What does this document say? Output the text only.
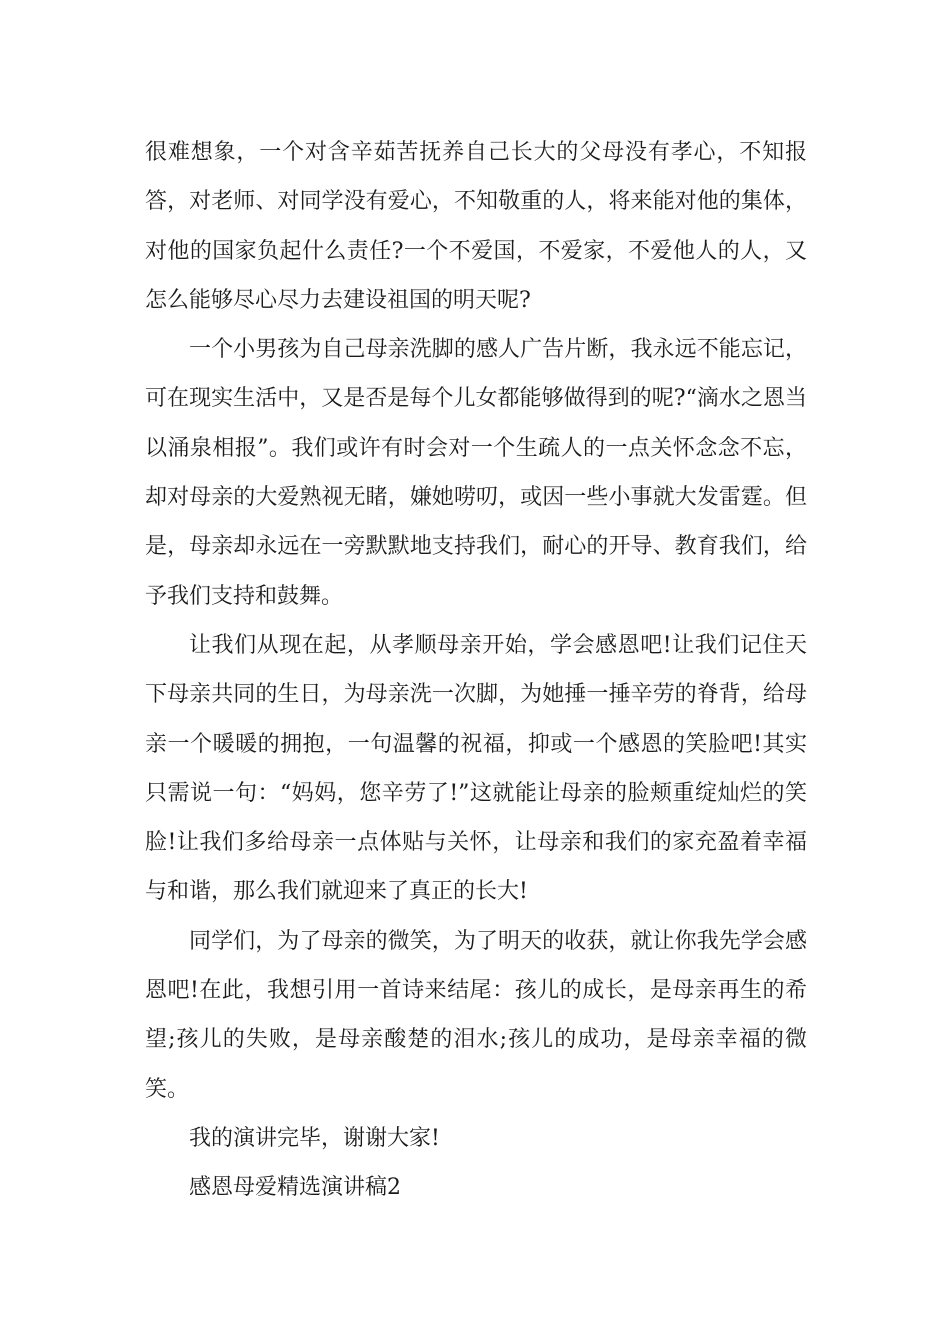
很难想象，一个对含辛茹苦抚养自己长大的父母没有孝心，不知报答，对老师、对同学没有爱心，不知敬重的人，将来能对他的集体，对他的国家负起什么责任?一个不爱国，不爱家，不爱他人的人，又怎么能够尽心尽力去建设祖国的明天呢?

一个小男孩为自己母亲洗脚的感人广告片断，我永远不能忘记，可在现实生活中，又是否是每个儿女都能够做得到的呢?“滴水之恩当以涌泉相报”。我们或许有时会对一个生疏人的一点关怀念念不忘，却对母亲的大爱熟视无睹，嫌她唠叨，或因一些小事就大发雷霆。但是，母亲却永远在一旁默默地支持我们，耐心的开导、教育我们，给予我们支持和鼓舞。

让我们从现在起，从孝顺母亲开始，学会感恩吧!让我们记住天下母亲共同的生日，为母亲洗一次脚，为她捶一捶辛劳的脊背，给母亲一个暖暖的拥抱，一句温馨的祝福，抑或一个感恩的笑脸吧!其实只需说一句：“妈妈，您辛劳了!”这就能让母亲的脸颊重绽灿烂的笑脸!让我们多给母亲一点体贴与关怀，让母亲和我们的家充盈着幸福与和谐，那么我们就迎来了真正的长大!

同学们，为了母亲的微笑，为了明天的收获，就让你我先学会感恩吧!在此，我想引用一首诗来结尾：孩儿的成长，是母亲再生的希望;孩儿的失败，是母亲酸楚的泪水;孩儿的成功，是母亲幸福的微笑。

我的演讲完毕，谢谢大家!

感恩母爱精选演讲稿2
